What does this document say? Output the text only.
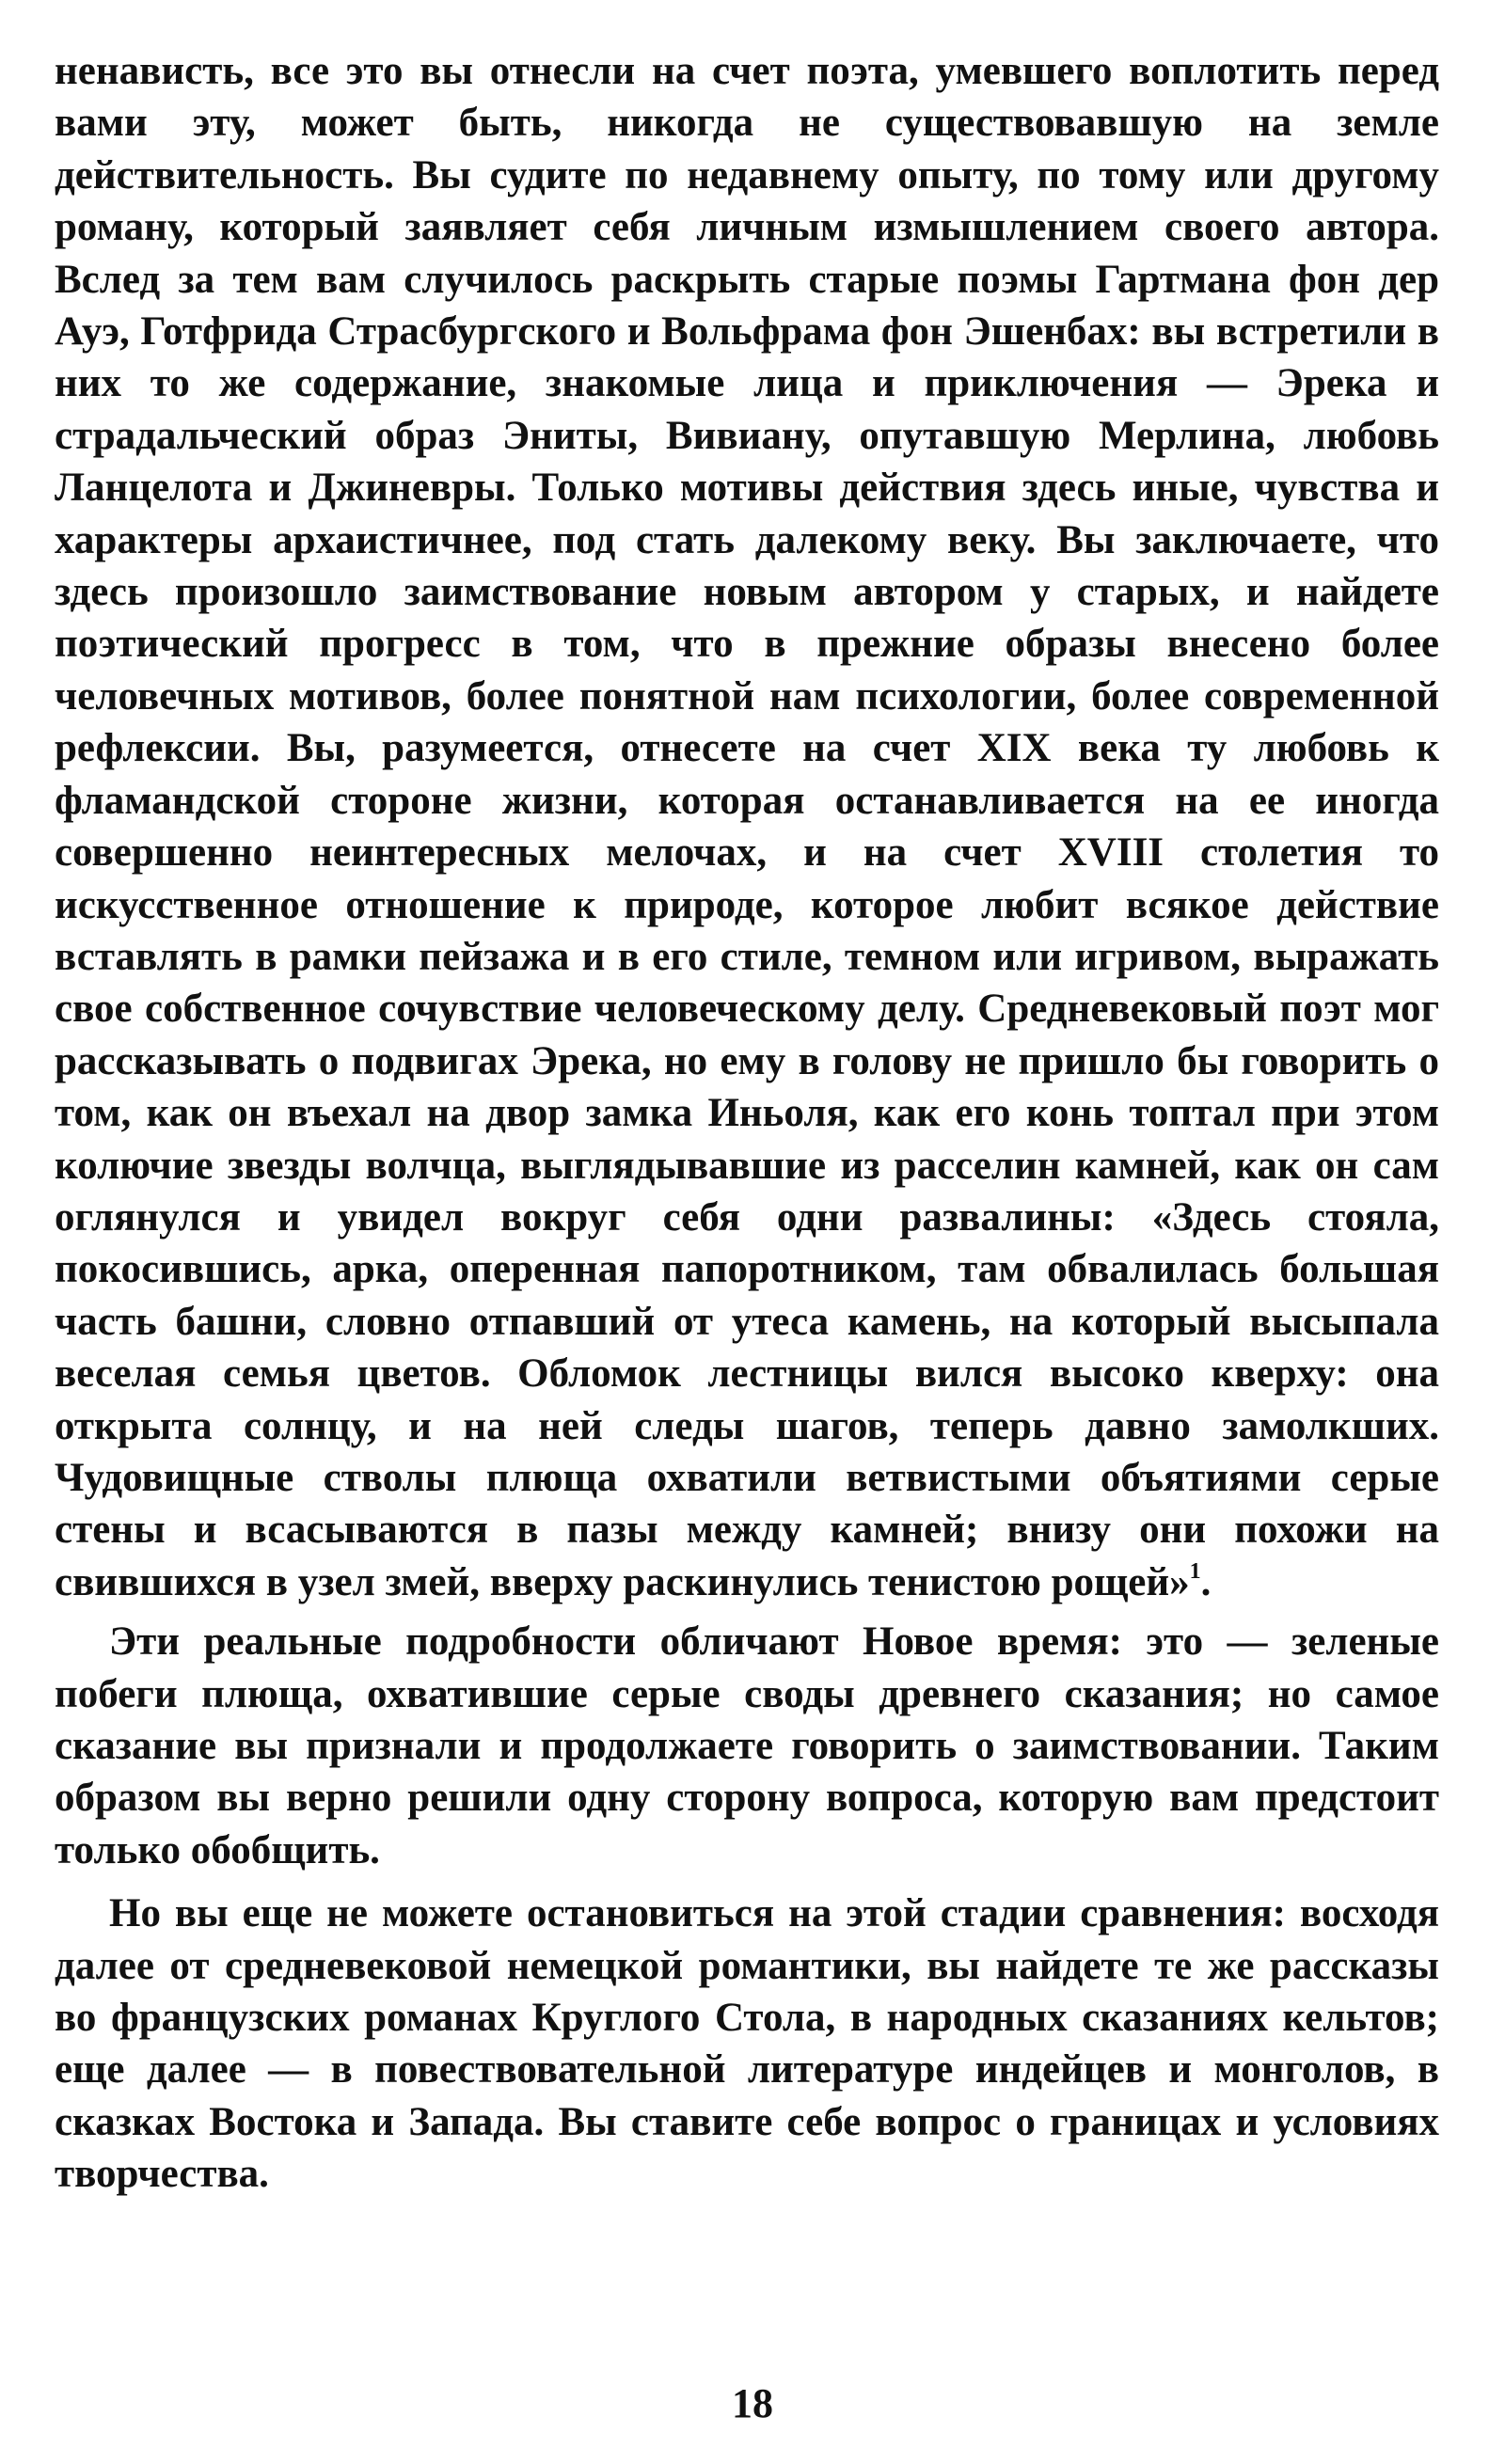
ненависть, все это вы отнесли на счет поэта, умевшего воплотить перед вами эту, может быть, никогда не существовавшую на земле действительность. Вы судите по недавнему опыту, по тому или другому роману, который заявляет себя личным измышлением своего автора. Вслед за тем вам случилось раскрыть старые поэмы Гартмана фон дер Ауэ, Готфрида Страсбургского и Вольфрама фон Эшенбах: вы встретили в них то же содержание, знакомые лица и приключения — Эрека и страдальческий образ Эниты, Вивиану, опутавшую Мерлина, любовь Ланцелота и Джиневры. Только мотивы действия здесь иные, чувства и характеры архаистичнее, под стать далекому веку. Вы заключаете, что здесь произошло заимствование новым автором у старых, и найдете поэтический прогресс в том, что в прежние образы внесено более человечных мотивов, более понятной нам психологии, более современной рефлексии. Вы, разумеется, отнесете на счет XIX века ту любовь к фламандской стороне жизни, которая останавливается на ее иногда совершенно неинтересных мелочах, и на счет XVIII столетия то искусственное отношение к природе, которое любит всякое действие вставлять в рамки пейзажа и в его стиле, темном или игривом, выражать свое собственное сочувствие человеческому делу. Средневековый поэт мог рассказывать о подвигах Эрека, но ему в голову не пришло бы говорить о том, как он въехал на двор замка Иньоля, как его конь топтал при этом колючие звезды волчца, выглядывавшие из расселин камней, как он сам оглянулся и увидел вокруг себя одни развалины: «Здесь стояла, покосившись, арка, оперенная папоротником, там обвалилась большая часть башни, словно отпавший от утеса камень, на который высыпала веселая семья цветов. Обломок лестницы вился высоко кверху: она открыта солнцу, и на ней следы шагов, теперь давно замолкших. Чудовищные стволы плюща охватили ветвистыми объятиями серые стены и всасываются в пазы между камней; внизу они похожи на свившихся в узел змей, вверху раскинулись тенистою рощей»$^1$.

Эти реальные подробности обличают Новое время: это — зеленые побеги плюща, охватившие серые своды древнего сказания; но самое сказание вы признали и продолжаете говорить о заимствовании. Таким образом вы верно решили одну сторону вопроса, которую вам предстоит только обобщить.

Но вы еще не можете остановиться на этой стадии сравнения: восходя далее от средневековой немецкой романтики, вы найдете те же рассказы во французских романах Круглого Стола, в народных сказаниях кельтов; еще далее — в повествовательной литературе индейцев и монголов, в сказках Востока и Запада. Вы ставите себе вопрос о границах и условиях творчества.

18
